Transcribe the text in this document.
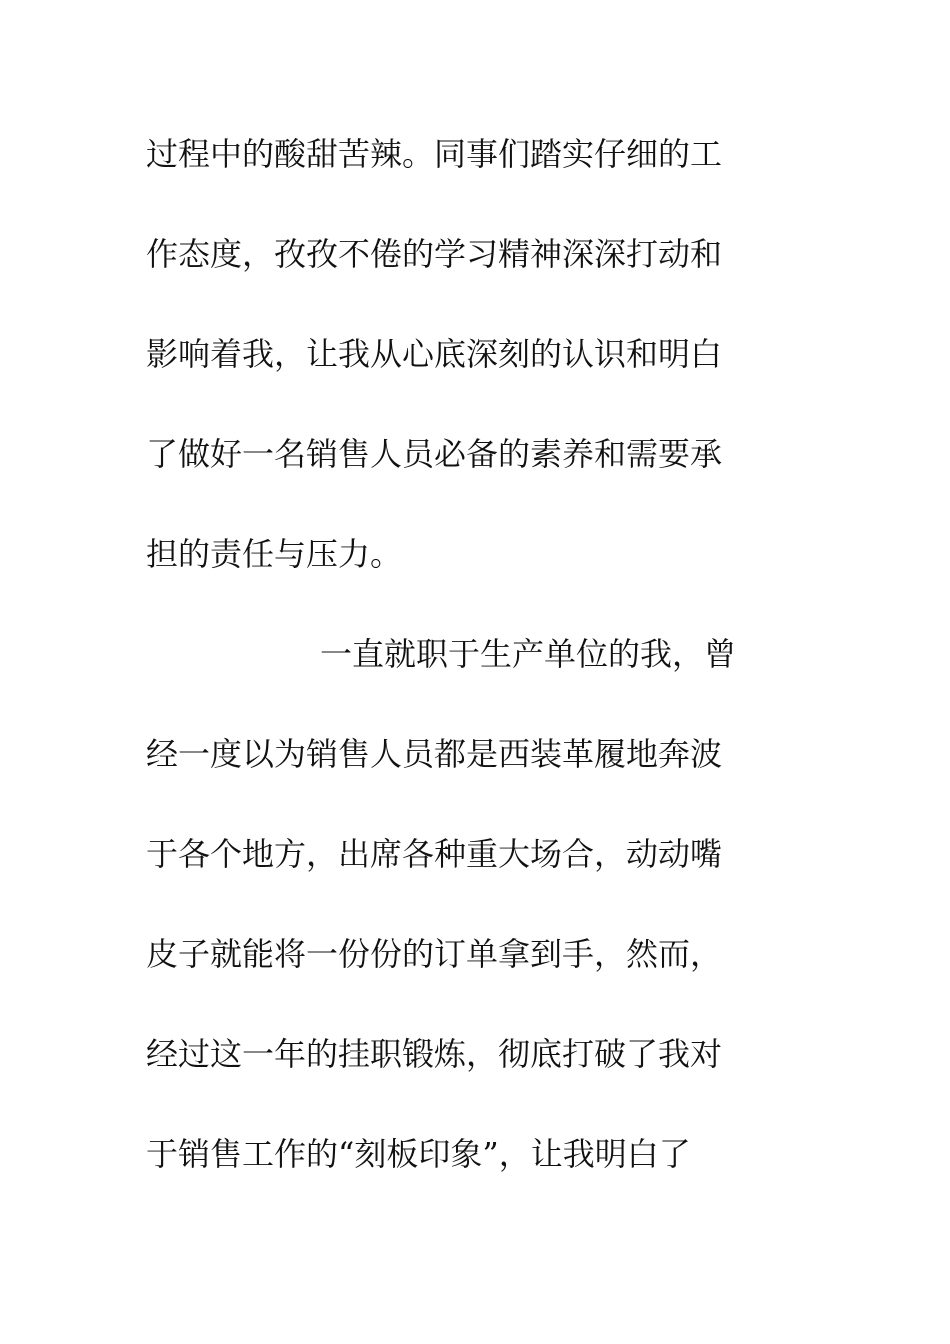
过程中的酸甜苦辣。同事们踏实仔细的工
作态度，孜孜不倦的学习精神深深打动和
影响着我，让我从心底深刻的认识和明白
了做好一名销售人员必备的素养和需要承
担的责任与压力。
一直就职于生产单位的我，曾
经一度以为销售人员都是西装革履地奔波
于各个地方，出席各种重大场合，动动嘴
皮子就能将一份份的订单拿到手，然而，
经过这一年的挂职锻炼，彻底打破了我对
于销售工作的“刻板印象”，让我明白了
